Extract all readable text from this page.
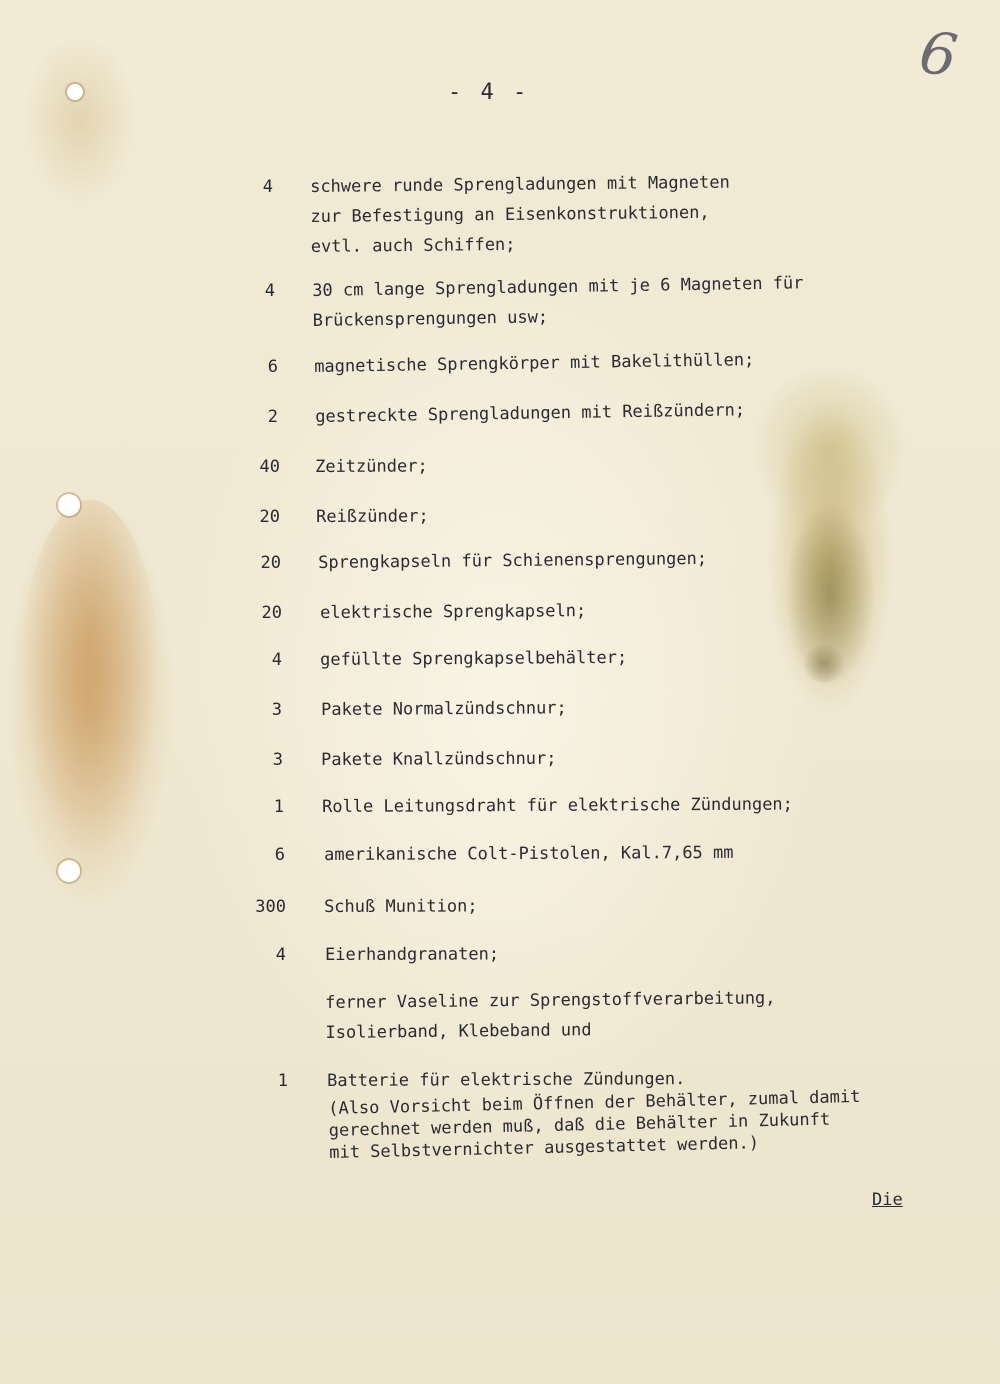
6
- 4 -
4 schwere runde Sprengladungen mit Magneten
zur Befestigung an Eisenkonstruktionen,
evtl. auch Schiffen;
4 30 cm lange Sprengladungen mit je 6 Magneten für
Brückensprengungen usw;
6 magnetische Sprengkörper mit Bakelithüllen;
2 gestreckte Sprengladungen mit Reißzündern;
40 Zeitzünder;
20 Reißzünder;
20 Sprengkapseln für Schienensprengungen;
20 elektrische Sprengkapseln;
4 gefüllte Sprengkapselbehälter;
3 Pakete Normalzündschnur;
3 Pakete Knallzündschnur;
1 Rolle Leitungsdraht für elektrische Zündungen;
6 amerikanische Colt-Pistolen, Kal.7,65 mm
300 Schuß Munition;
4 Eierhandgranaten;
ferner Vaseline zur Sprengstoffverarbeitung,
Isolierband, Klebeband und
1 Batterie für elektrische Zündungen.
(Also Vorsicht beim Öffnen der Behälter, zumal damit
gerechnet werden muß, daß die Behälter in Zukunft
mit Selbstvernichter ausgestattet werden.)
Die
